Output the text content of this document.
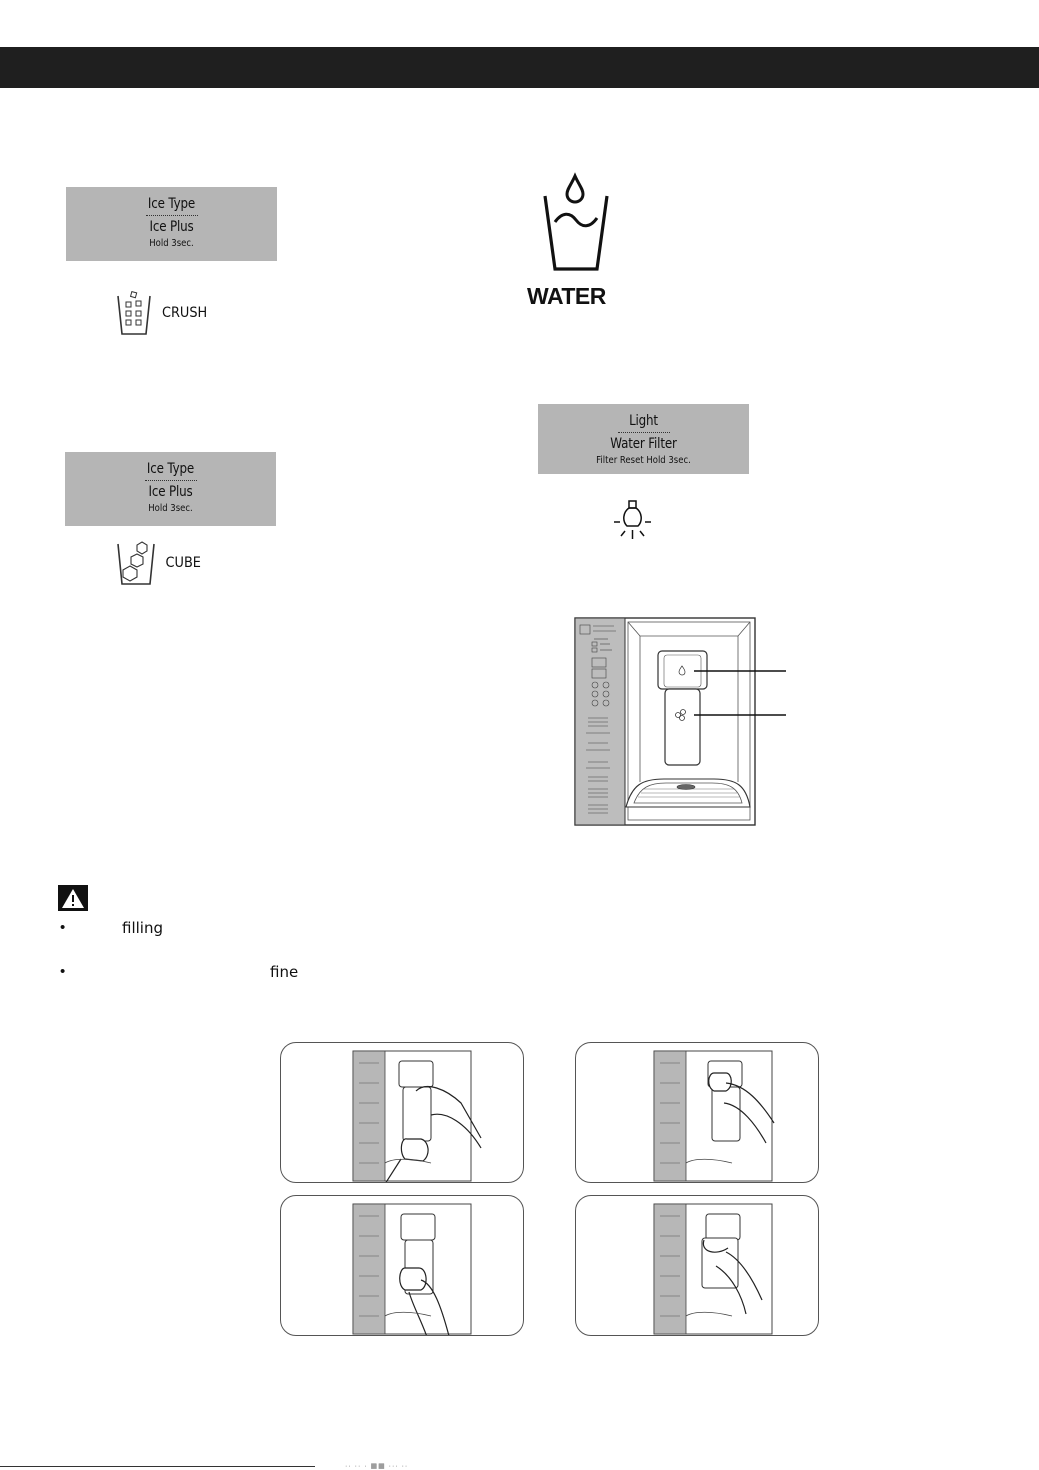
Ice Type
Ice Plus
Hold 3sec.
CRUSH
Ice Type
Ice Plus
Hold 3sec.
CUBE
WATER
Light
Water Filter
Filter Reset Hold 3sec.
•	filling
•	fine
·· ·· · ▦▦ ··· ··
